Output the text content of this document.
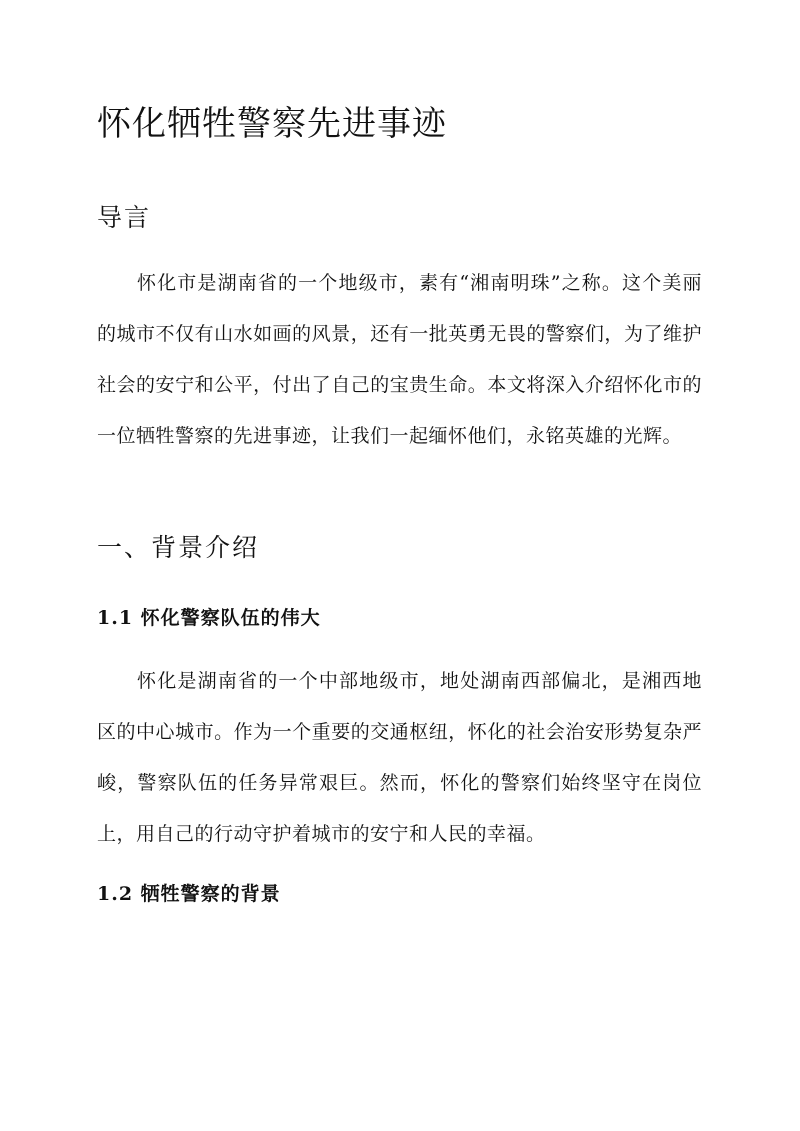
怀化牺牲警察先进事迹
导言

怀化市是湖南省的一个地级市，素有“湘南明珠”之称。这个美丽的城市不仅有山水如画的风景，还有一批英勇无畏的警察们，为了维护社会的安宁和公平，付出了自己的宝贵生命。本文将深入介绍怀化市的一位牺牲警察的先进事迹，让我们一起缅怀他们，永铭英雄的光辉。

一、背景介绍
1.1 怀化警察队伍的伟大

怀化是湖南省的一个中部地级市，地处湖南西部偏北，是湘西地区的中心城市。作为一个重要的交通枢纽，怀化的社会治安形势复杂严峻，警察队伍的任务异常艰巨。然而，怀化的警察们始终坚守在岗位上，用自己的行动守护着城市的安宁和人民的幸福。

1.2 牺牲警察的背景
